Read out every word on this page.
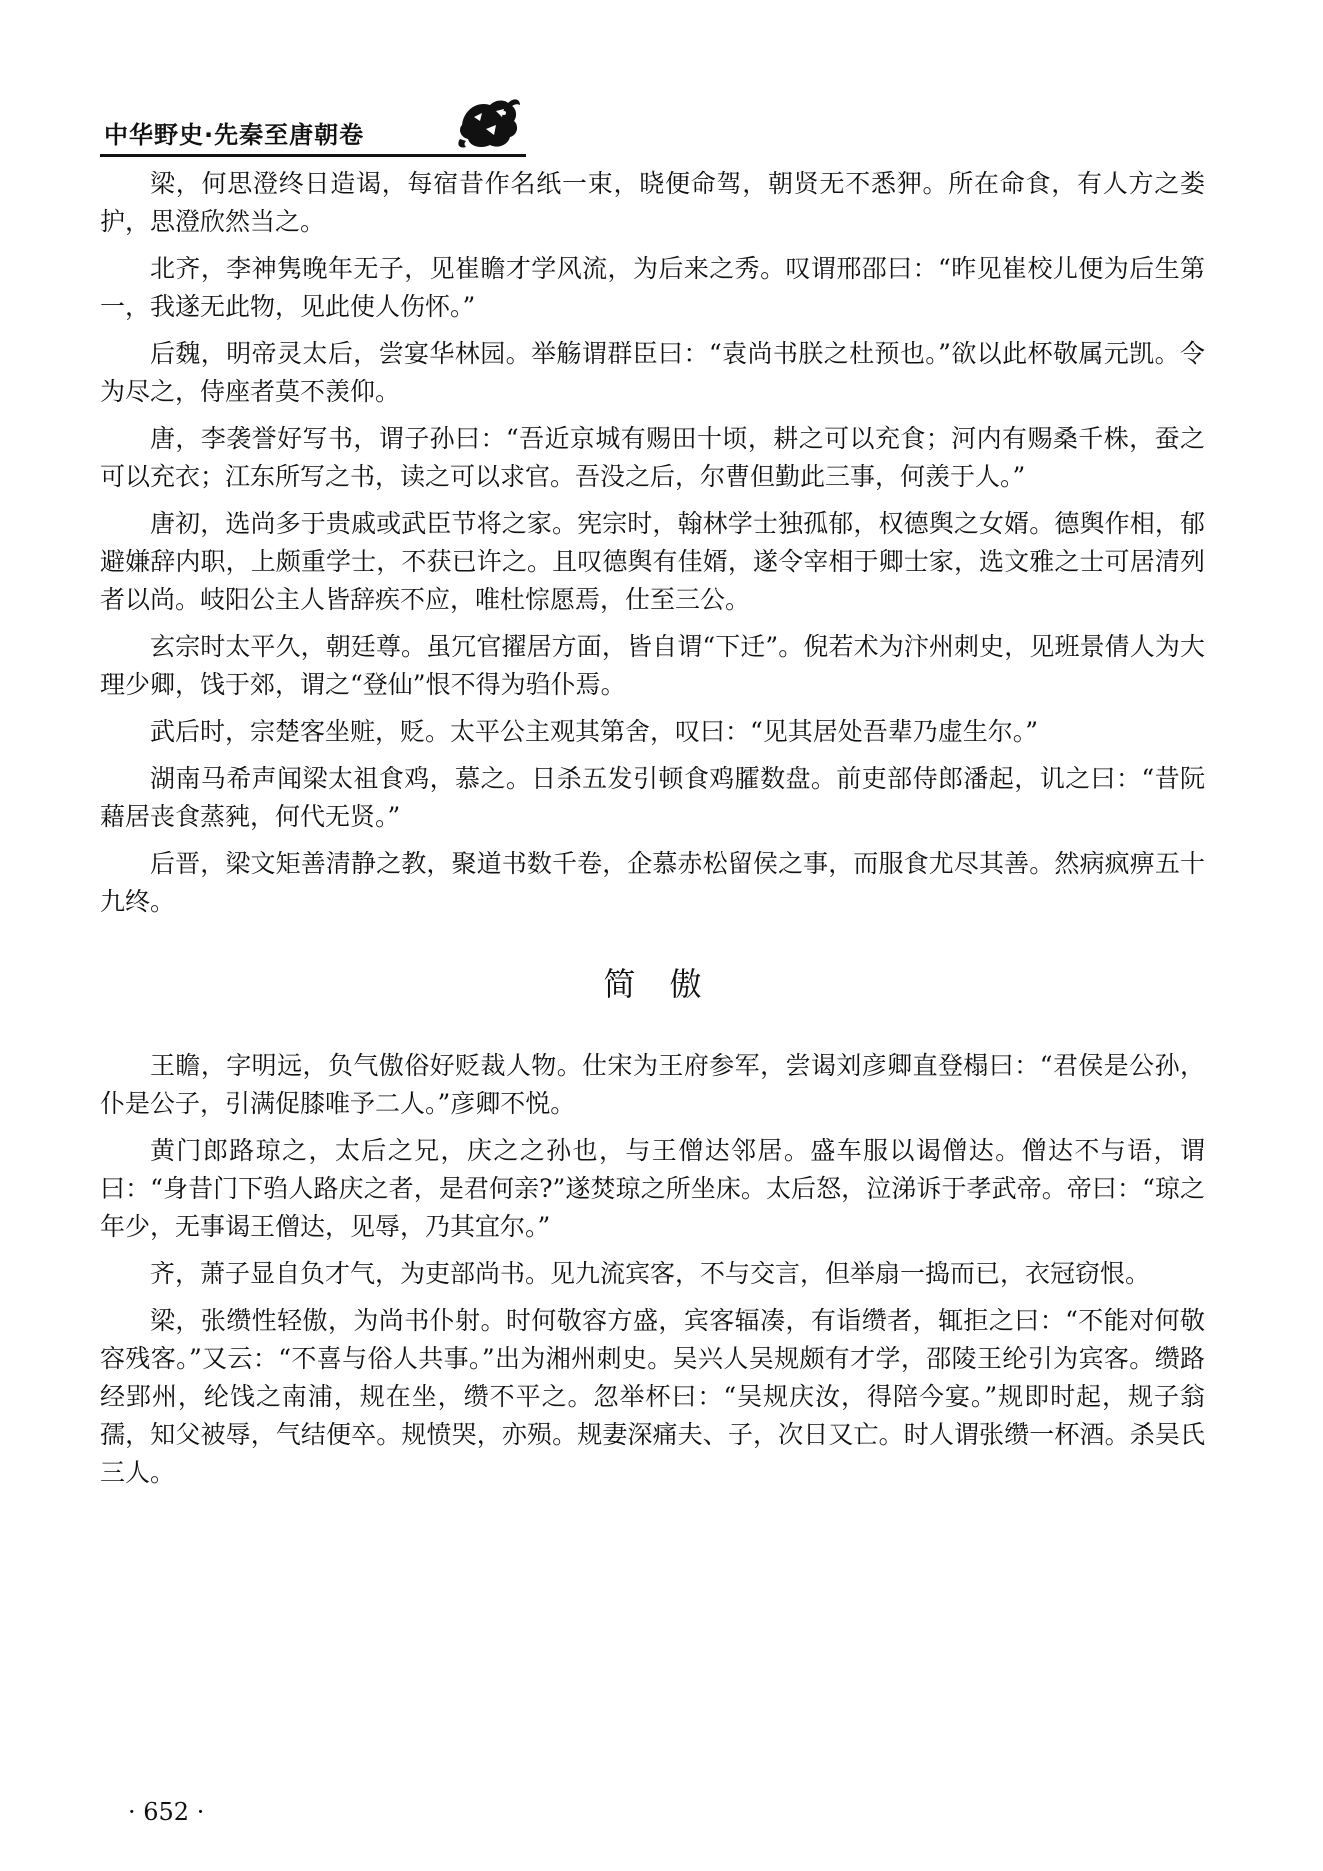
中华野史·先秦至唐朝卷

梁，何思澄终日造谒，每宿昔作名纸一束，晓便命驾，朝贤无不悉狎。所在命食，有人方之娄护，思澄欣然当之。

北齐，李神隽晚年无子，见崔瞻才学风流，为后来之秀。叹谓邢邵曰：“昨见崔校儿便为后生第一，我遂无此物，见此使人伤怀。”

后魏，明帝灵太后，尝宴华林园。举觞谓群臣曰：“袁尚书朕之杜预也。”欲以此杯敬属元凯。令为尽之，侍座者莫不羡仰。

唐，李袭誉好写书，谓子孙曰：“吾近京城有赐田十顷，耕之可以充食；河内有赐桑千株，蚕之可以充衣；江东所写之书，读之可以求官。吾没之后，尔曹但勤此三事，何羡于人。”

唐初，选尚多于贵戚或武臣节将之家。宪宗时，翰林学士独孤郁，权德舆之女婿。德舆作相，郁避嫌辞内职，上颇重学士，不获已许之。且叹德舆有佳婿，遂令宰相于卿士家，选文雅之士可居清列者以尚。岐阳公主人皆辞疾不应，唯杜悰愿焉，仕至三公。

玄宗时太平久，朝廷尊。虽冗官擢居方面，皆自谓“下迁”。倪若术为汴州刺史，见班景倩人为大理少卿，饯于郊，谓之“登仙”恨不得为驺仆焉。

武后时，宗楚客坐赃，贬。太平公主观其第舍，叹曰：“见其居处吾辈乃虚生尔。”

湖南马希声闻梁太祖食鸡，慕之。日杀五发引顿食鸡臛数盘。前吏部侍郎潘起，讥之曰：“昔阮藉居丧食蒸豘，何代无贤。”

后晋，梁文矩善清静之教，聚道书数千卷，企慕赤松留侯之事，而服食尤尽其善。然病疯痹五十九终。

简傲

王瞻，字明远，负气傲俗好贬裁人物。仕宋为王府参军，尝谒刘彦卿直登榻曰：“君侯是公孙，仆是公子，引满促膝唯予二人。”彦卿不悦。

黄门郎路琼之，太后之兄，庆之之孙也，与王僧达邻居。盛车服以谒僧达。僧达不与语，谓曰：“身昔门下驺人路庆之者，是君何亲?”遂焚琼之所坐床。太后怒，泣涕诉于孝武帝。帝曰：“琼之年少，无事谒王僧达，见辱，乃其宜尔。”

齐，萧子显自负才气，为吏部尚书。见九流宾客，不与交言，但举扇一捣而已，衣冠窃恨。

梁，张缵性轻傲，为尚书仆射。时何敬容方盛，宾客辐凑，有诣缵者，辄拒之曰：“不能对何敬容残客。”又云：“不喜与俗人共事。”出为湘州刺史。吴兴人吴规颇有才学，邵陵王纶引为宾客。缵路经郢州，纶饯之南浦，规在坐，缵不平之。忽举杯曰：“吴规庆汝，得陪今宴。”规即时起，规子翁孺，知父被辱，气结便卒。规愤哭，亦殒。规妻深痛夫、子，次日又亡。时人谓张缵一杯酒。杀吴氏三人。

· 652 ·
